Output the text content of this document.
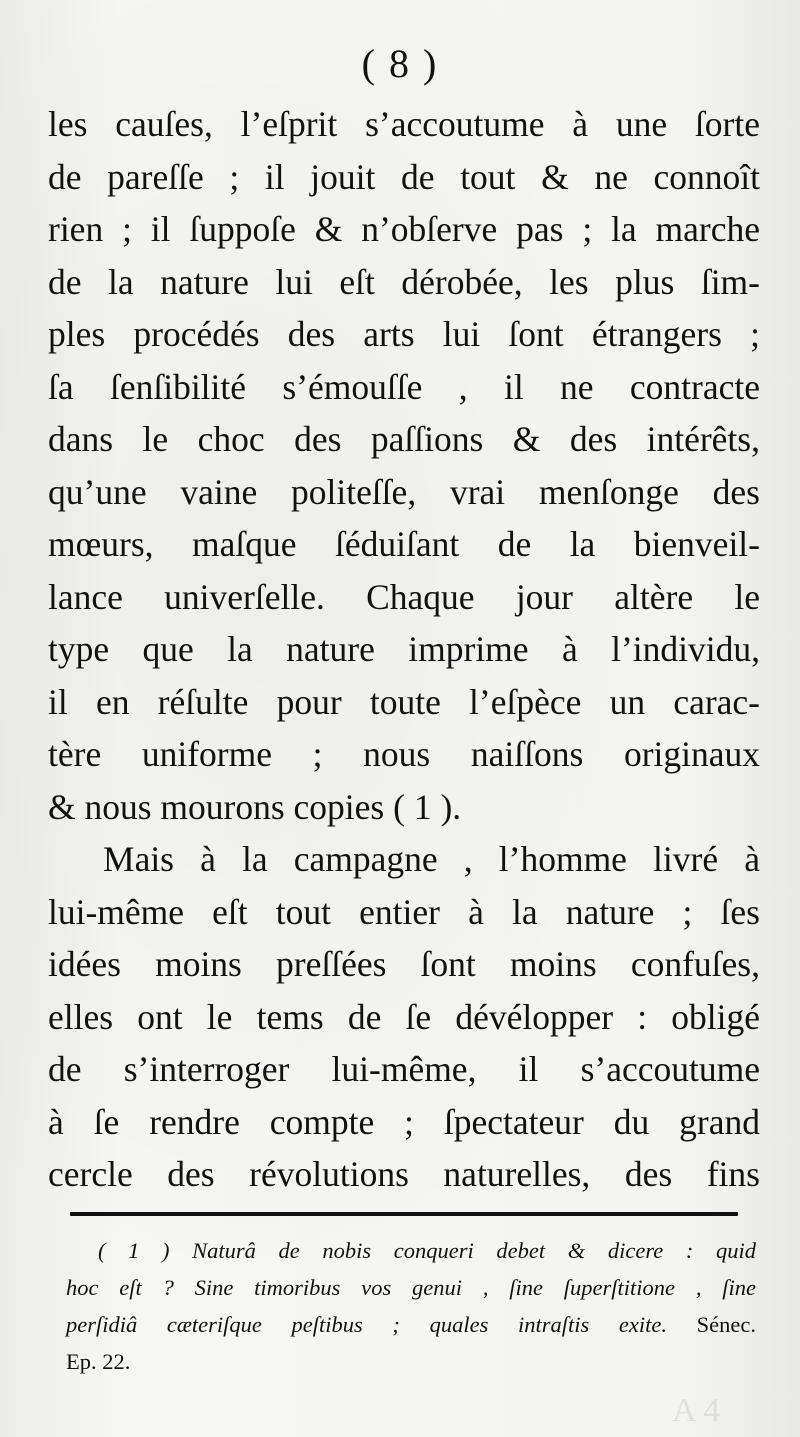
( 8 )
les cauſes, l’eſprit s’accoutume à une ſorte
de pareſſe ; il jouit de tout & ne connoît
rien ; il ſuppoſe & n’obſerve pas ; la marche
de la nature lui eſt dérobée, les plus ſim-
ples procédés des arts lui ſont étrangers ;
ſa ſenſibilité s’émouſſe , il ne contracte
dans le choc des paſſions & des intérêts,
qu’une vaine politeſſe, vrai menſonge des
mœurs, maſque ſéduiſant de la bienveil-
lance univerſelle. Chaque jour altère le
type que la nature imprime à l’individu,
il en réſulte pour toute l’eſpèce un carac-
tère uniforme ; nous naiſſons originaux
& nous mourons copies ( 1 ).
Mais à la campagne , l’homme livré à
lui-même eſt tout entier à la nature ; ſes
idées moins preſſées ſont moins confuſes,
elles ont le tems de ſe dévélopper : obligé
de s’interroger lui-même, il s’accoutume
à ſe rendre compte ; ſpectateur du grand
cercle des révolutions naturelles, des fins
( 1 ) Naturâ de nobis conqueri debet & dicere : quid
hoc eſt ? Sine timoribus vos genui , ſine ſuperſtitione , ſine
perſidiâ cæteriſque peſtibus ; quales intraſtis exite. Sénec.
Ep. 22.
A 4
